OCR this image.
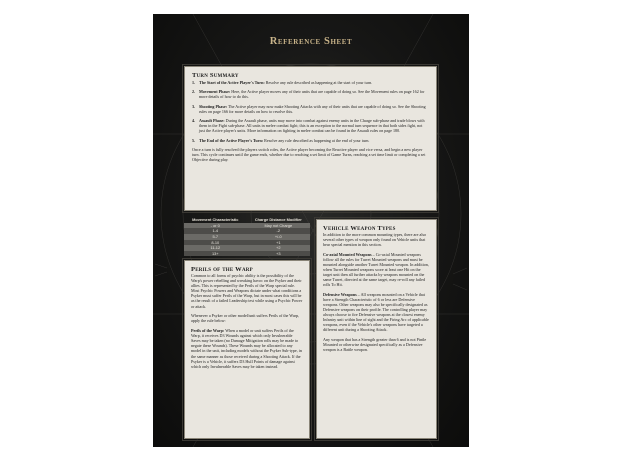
Reference Sheet
Turn Summary
1. The Start of the Active Player's Turn: Resolve any rule described as happening at the start of your turn.
2. Movement Phase: Here, the Active player moves any of their units that are capable of doing so. See the Movement rules on page 162 for more details of how to do this.
3. Shooting Phase: The Active player may now make Shooting Attacks with any of their units that are capable of doing so. See the Shooting rules on page 166 for more details on how to resolve this.
4. Assault Phase: During the Assault phase, units may move into combat against enemy units in the Charge sub-phase and trade blows with them in the Fight sub-phase. All units in melee combat fight; this is an exception to the normal turn sequence in that both sides fight, not just the Active player's units. More information on fighting in melee combat can be found in the Assault rules on page 180.
5. The End of the Active Player's Turn: Resolve any rule described as happening at the end of your turn.

Once a turn is fully resolved the players switch roles, the Active player becoming the Reactive player and vice versa, and begin a new player turn. This cycle continues until the game ends, whether due to reaching a set limit of Game Turns, reaching a set time limit or completing a set Objective during play.

Movement Characteristic	Charge Distance Modifier
- or 0	May not Charge
1-4	-2
5-7	+/-0
8-10	+1
11-12	+2
13+	+3
Perils of the Warp

Common to all forms of psychic ability is the possibility of the Warp's power rebelling and wreaking havoc on the Psyker and their allies. This is represented by the Perils of the Warp special rule. Most Psychic Powers and Weapons dictate under what conditions a Psyker must suffer Perils of the Warp, but in most cases this will be as the result of a failed Leadership test while using a Psychic Power or attack.

Whenever a Psyker or other model/unit suffers Perils of the Warp, apply the rule below:

Perils of the Warp: When a model or unit suffers Perils of the Warp, it receives D3 Wounds against which only Invulnerable Saves may be taken (no Damage Mitigation rolls may be made to negate these Wounds). These Wounds may be allocated to any model in the unit, including models without the Psyker Sub-type, in the same manner as those received during a Shooting Attack. If the Psyker is a Vehicle, it suffers D3 Hull Points of damage against which only Invulnerable Saves may be taken instead.

Vehicle Weapon Types

In addition to the more common mounting types, there are also several other types of weapon only found on Vehicle units that bear special mention in this section.

Co-axial Mounted Weapons – Co-axial Mounted weapons follow all the rules for Turret Mounted weapons and must be mounted alongside another Turret Mounted weapon. In addition, when Turret Mounted weapons score at least one Hit on the target unit then all further attacks by weapons mounted on the same Turret, directed at the same target, may re-roll any failed rolls To Hit.

Defensive Weapons – All weapons mounted on a Vehicle that have a Strength Characteristic of 6 or less are Defensive weapons. Other weapons may also be specifically designated as Defensive weapons on their profile. The controlling player may always choose to fire Defensive weapons at the closest enemy Infantry unit within line of sight and the Firing Arc of applicable weapons, even if the Vehicle's other weapons have targeted a different unit during a Shooting Attack.

Any weapon that has a Strength greater than 6 and is not Pintle Mounted or otherwise designated specifically as a Defensive weapon is a Battle weapon.
